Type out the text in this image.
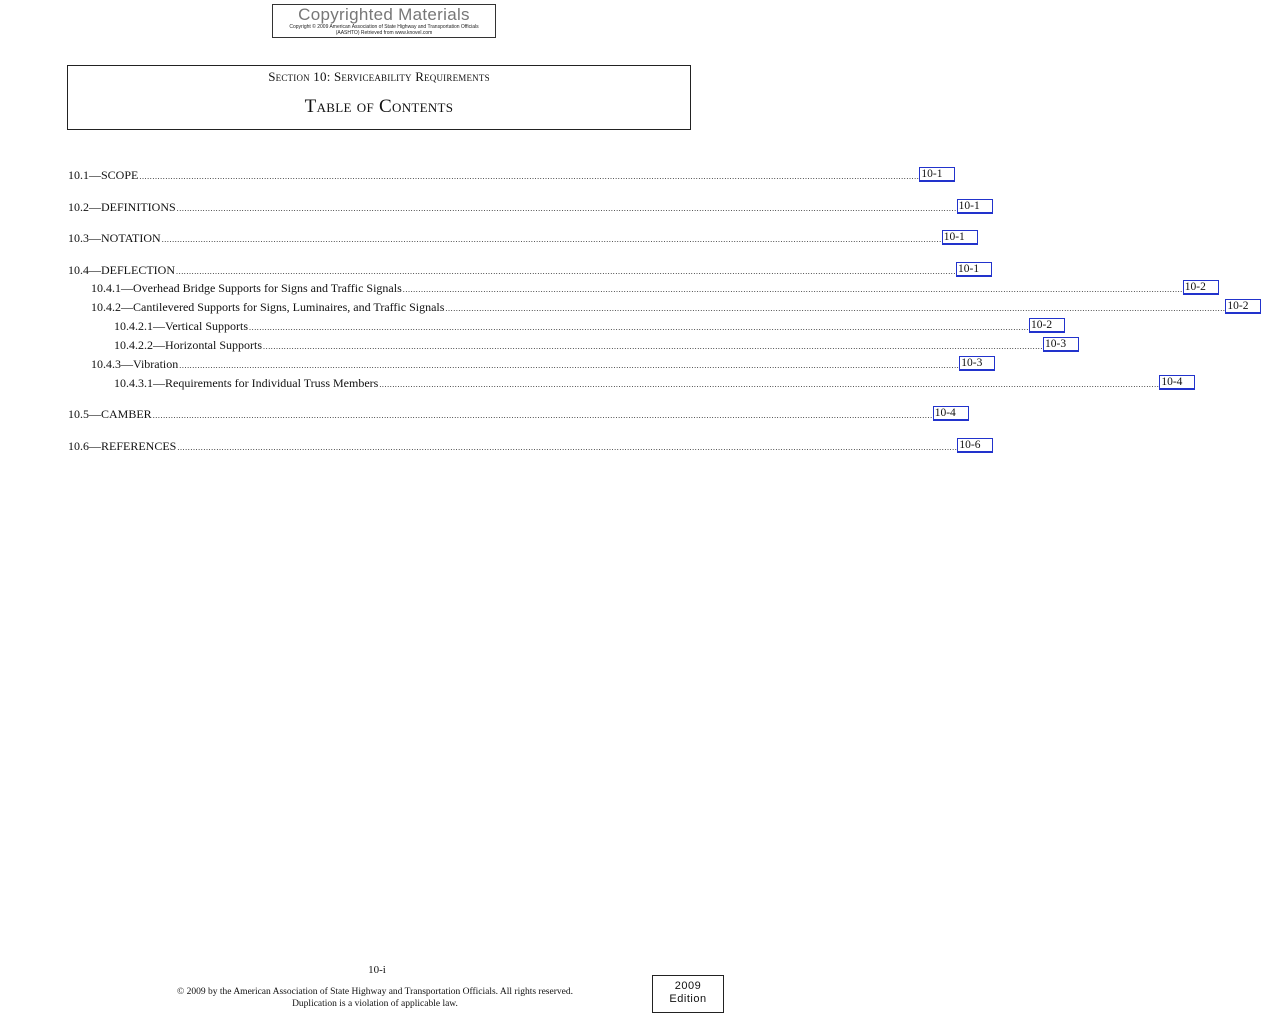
Copyrighted Materials
Copyright © 2009 American Association of State Highway and Transportation Officials
(AASHTO) Retrieved from www.knovel.com
Section 10: Serviceability Requirements
Table of Contents
10.1—SCOPE ............................................................................................................................................................................................................................................................................................................ 10-1
10.2—DEFINITIONS ............................................................................................................................................................................................................................................................................................................ 10-1
10.3—NOTATION ............................................................................................................................................................................................................................................................................................................ 10-1
10.4—DEFLECTION ............................................................................................................................................................................................................................................................................................................ 10-1
10.4.1—Overhead Bridge Supports for Signs and Traffic Signals ............................................................................................................................................................................................................................................................................................................ 10-2
10.4.2—Cantilevered Supports for Signs, Luminaires, and Traffic Signals ............................................................................................................................................................................................................................................................................................................ 10-2
10.4.2.1—Vertical Supports ............................................................................................................................................................................................................................................................................................................ 10-2
10.4.2.2—Horizontal Supports ............................................................................................................................................................................................................................................................................................................ 10-3
10.4.3—Vibration ............................................................................................................................................................................................................................................................................................................ 10-3
10.4.3.1—Requirements for Individual Truss Members ............................................................................................................................................................................................................................................................................................................ 10-4
10.5—CAMBER ............................................................................................................................................................................................................................................................................................................ 10-4
10.6—REFERENCES ............................................................................................................................................................................................................................................................................................................ 10-6
10-i
© 2009 by the American Association of State Highway and Transportation Officials. All rights reserved.
Duplication is a violation of applicable law.
2009
Edition
